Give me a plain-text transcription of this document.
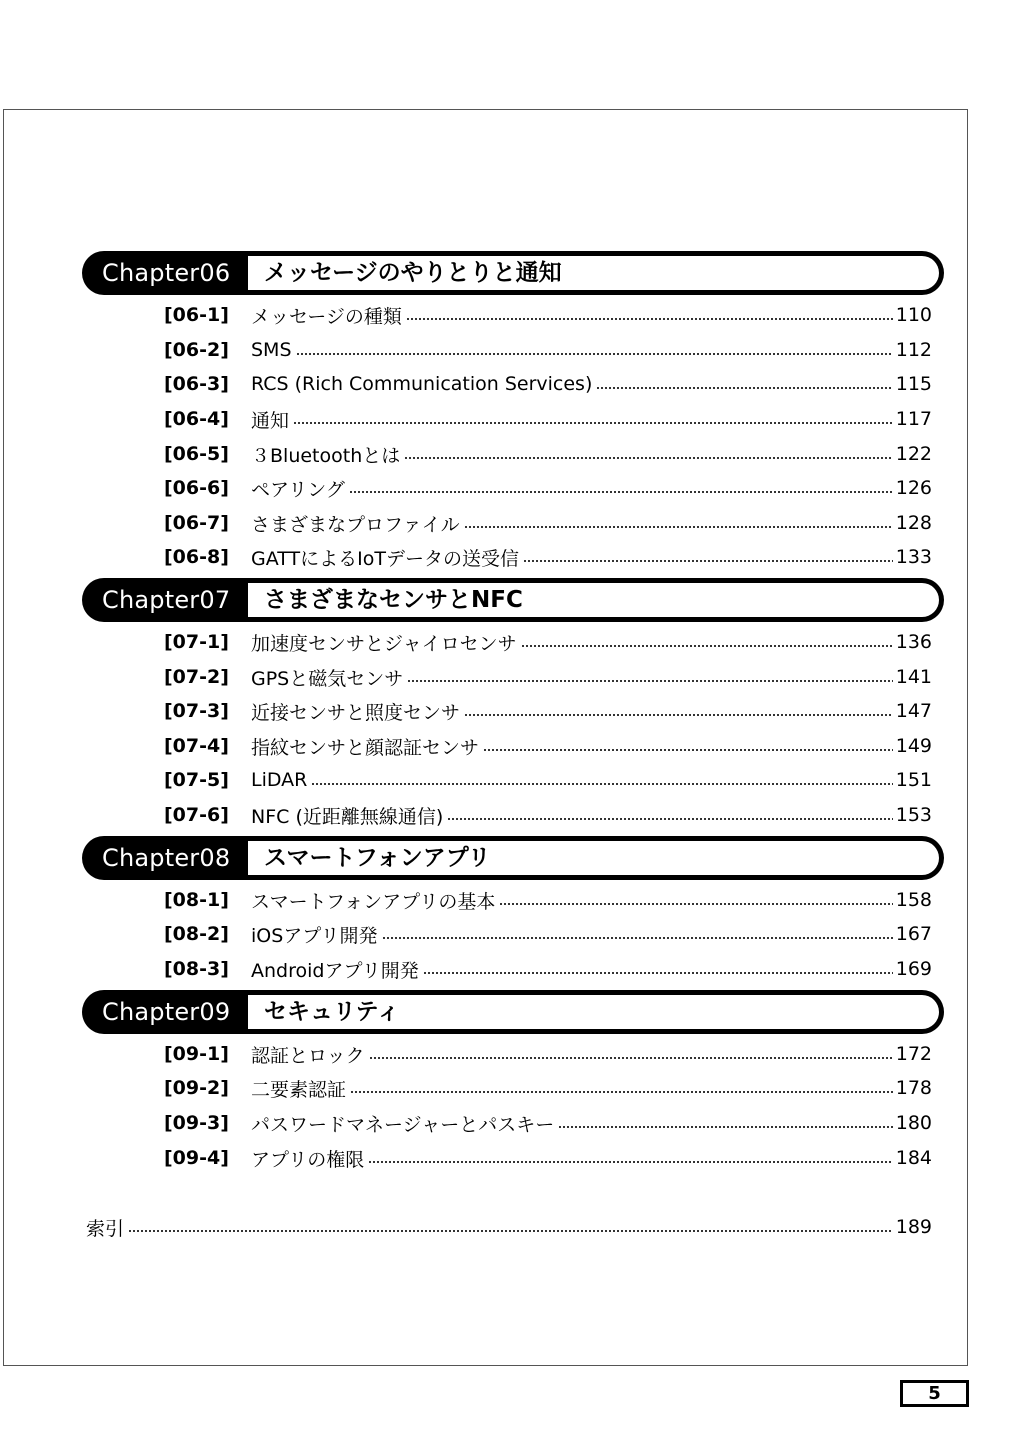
Chapter06 メッセージのやりとりと通知
[06-1]	メッセージの種類	110
[06-2]	SMS	112
[06-3]	RCS (Rich Communication Services)	115
[06-4]	通知	117
[06-5]	３Bluetoothとは	122
[06-6]	ペアリング	126
[06-7]	さまざまなプロファイル	128
[06-8]	GATTによるIoTデータの送受信	133
Chapter07 さまざまなセンサとNFC
[07-1]	加速度センサとジャイロセンサ	136
[07-2]	GPSと磁気センサ	141
[07-3]	近接センサと照度センサ	147
[07-4]	指紋センサと顔認証センサ	149
[07-5]	LiDAR	151
[07-6]	NFC (近距離無線通信)	153
Chapter08 スマートフォンアプリ
[08-1]	スマートフォンアプリの基本	158
[08-2]	iOSアプリ開発	167
[08-3]	Androidアプリ開発	169
Chapter09 セキュリティ
[09-1]	認証とロック	172
[09-2]	二要素認証	178
[09-3]	パスワードマネージャーとパスキー	180
[09-4]	アプリの権限	184
索引	189
5
